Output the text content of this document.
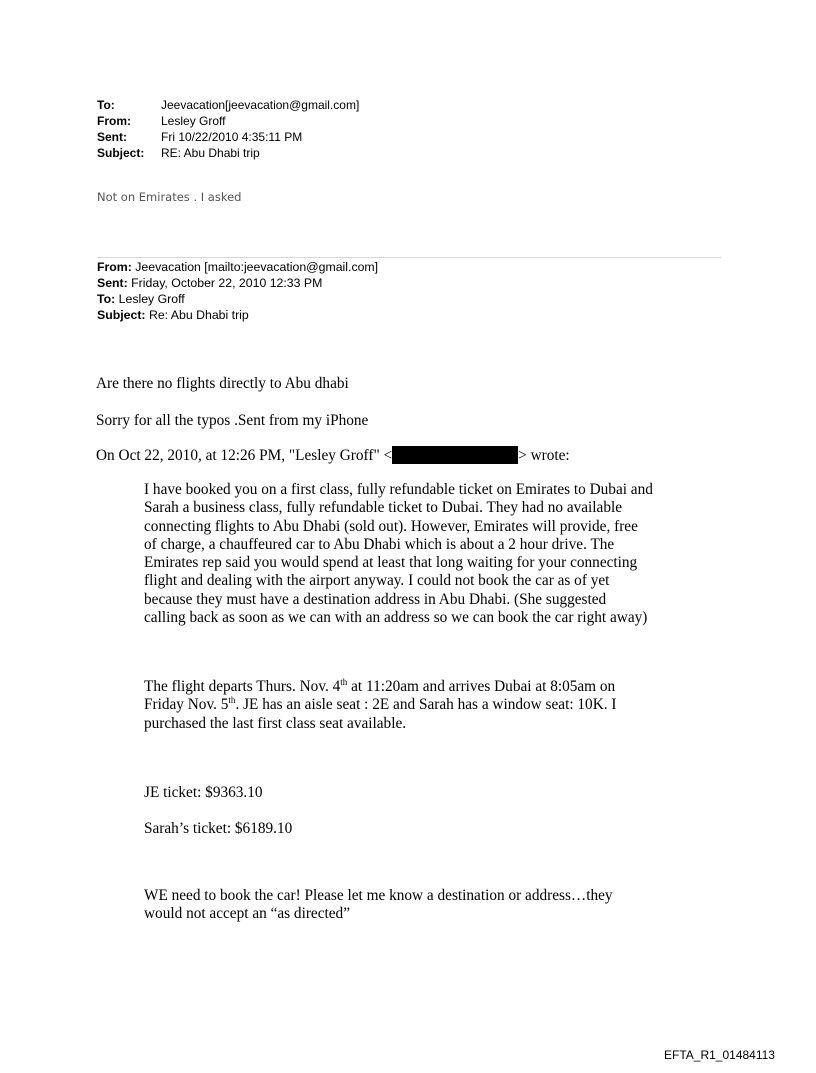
To:	Jeevacation[jeevacation@gmail.com]
From:	Lesley Groff
Sent:	Fri 10/22/2010 4:35:11 PM
Subject:	RE: Abu Dhabi trip
Not on Emirates . I asked
From: Jeevacation [mailto:jeevacation@gmail.com]
Sent: Friday, October 22, 2010 12:33 PM
To: Lesley Groff
Subject: Re: Abu Dhabi trip
Are there no flights directly to Abu dhabi
Sorry for all the typos .Sent from my iPhone
On Oct 22, 2010, at 12:26 PM, "Lesley Groff" <	> wrote:
I have booked you on a first class, fully refundable ticket on Emirates to Dubai and
Sarah a business class, fully refundable ticket to Dubai. They had no available
connecting flights to Abu Dhabi (sold out). However, Emirates will provide, free
of charge, a chauffeured car to Abu Dhabi which is about a 2 hour drive. The
Emirates rep said you would spend at least that long waiting for your connecting
flight and dealing with the airport anyway. I could not book the car as of yet
because they must have a destination address in Abu Dhabi. (She suggested
calling back as soon as we can with an address so we can book the car right away)
The flight departs Thurs. Nov. 4th at 11:20am and arrives Dubai at 8:05am on
Friday Nov. 5th. JE has an aisle seat : 2E and Sarah has a window seat: 10K. I
purchased the last first class seat available.
JE ticket: $9363.10
Sarah’s ticket: $6189.10
WE need to book the car! Please let me know a destination or address…they
would not accept an “as directed”
EFTA_R1_01484113
